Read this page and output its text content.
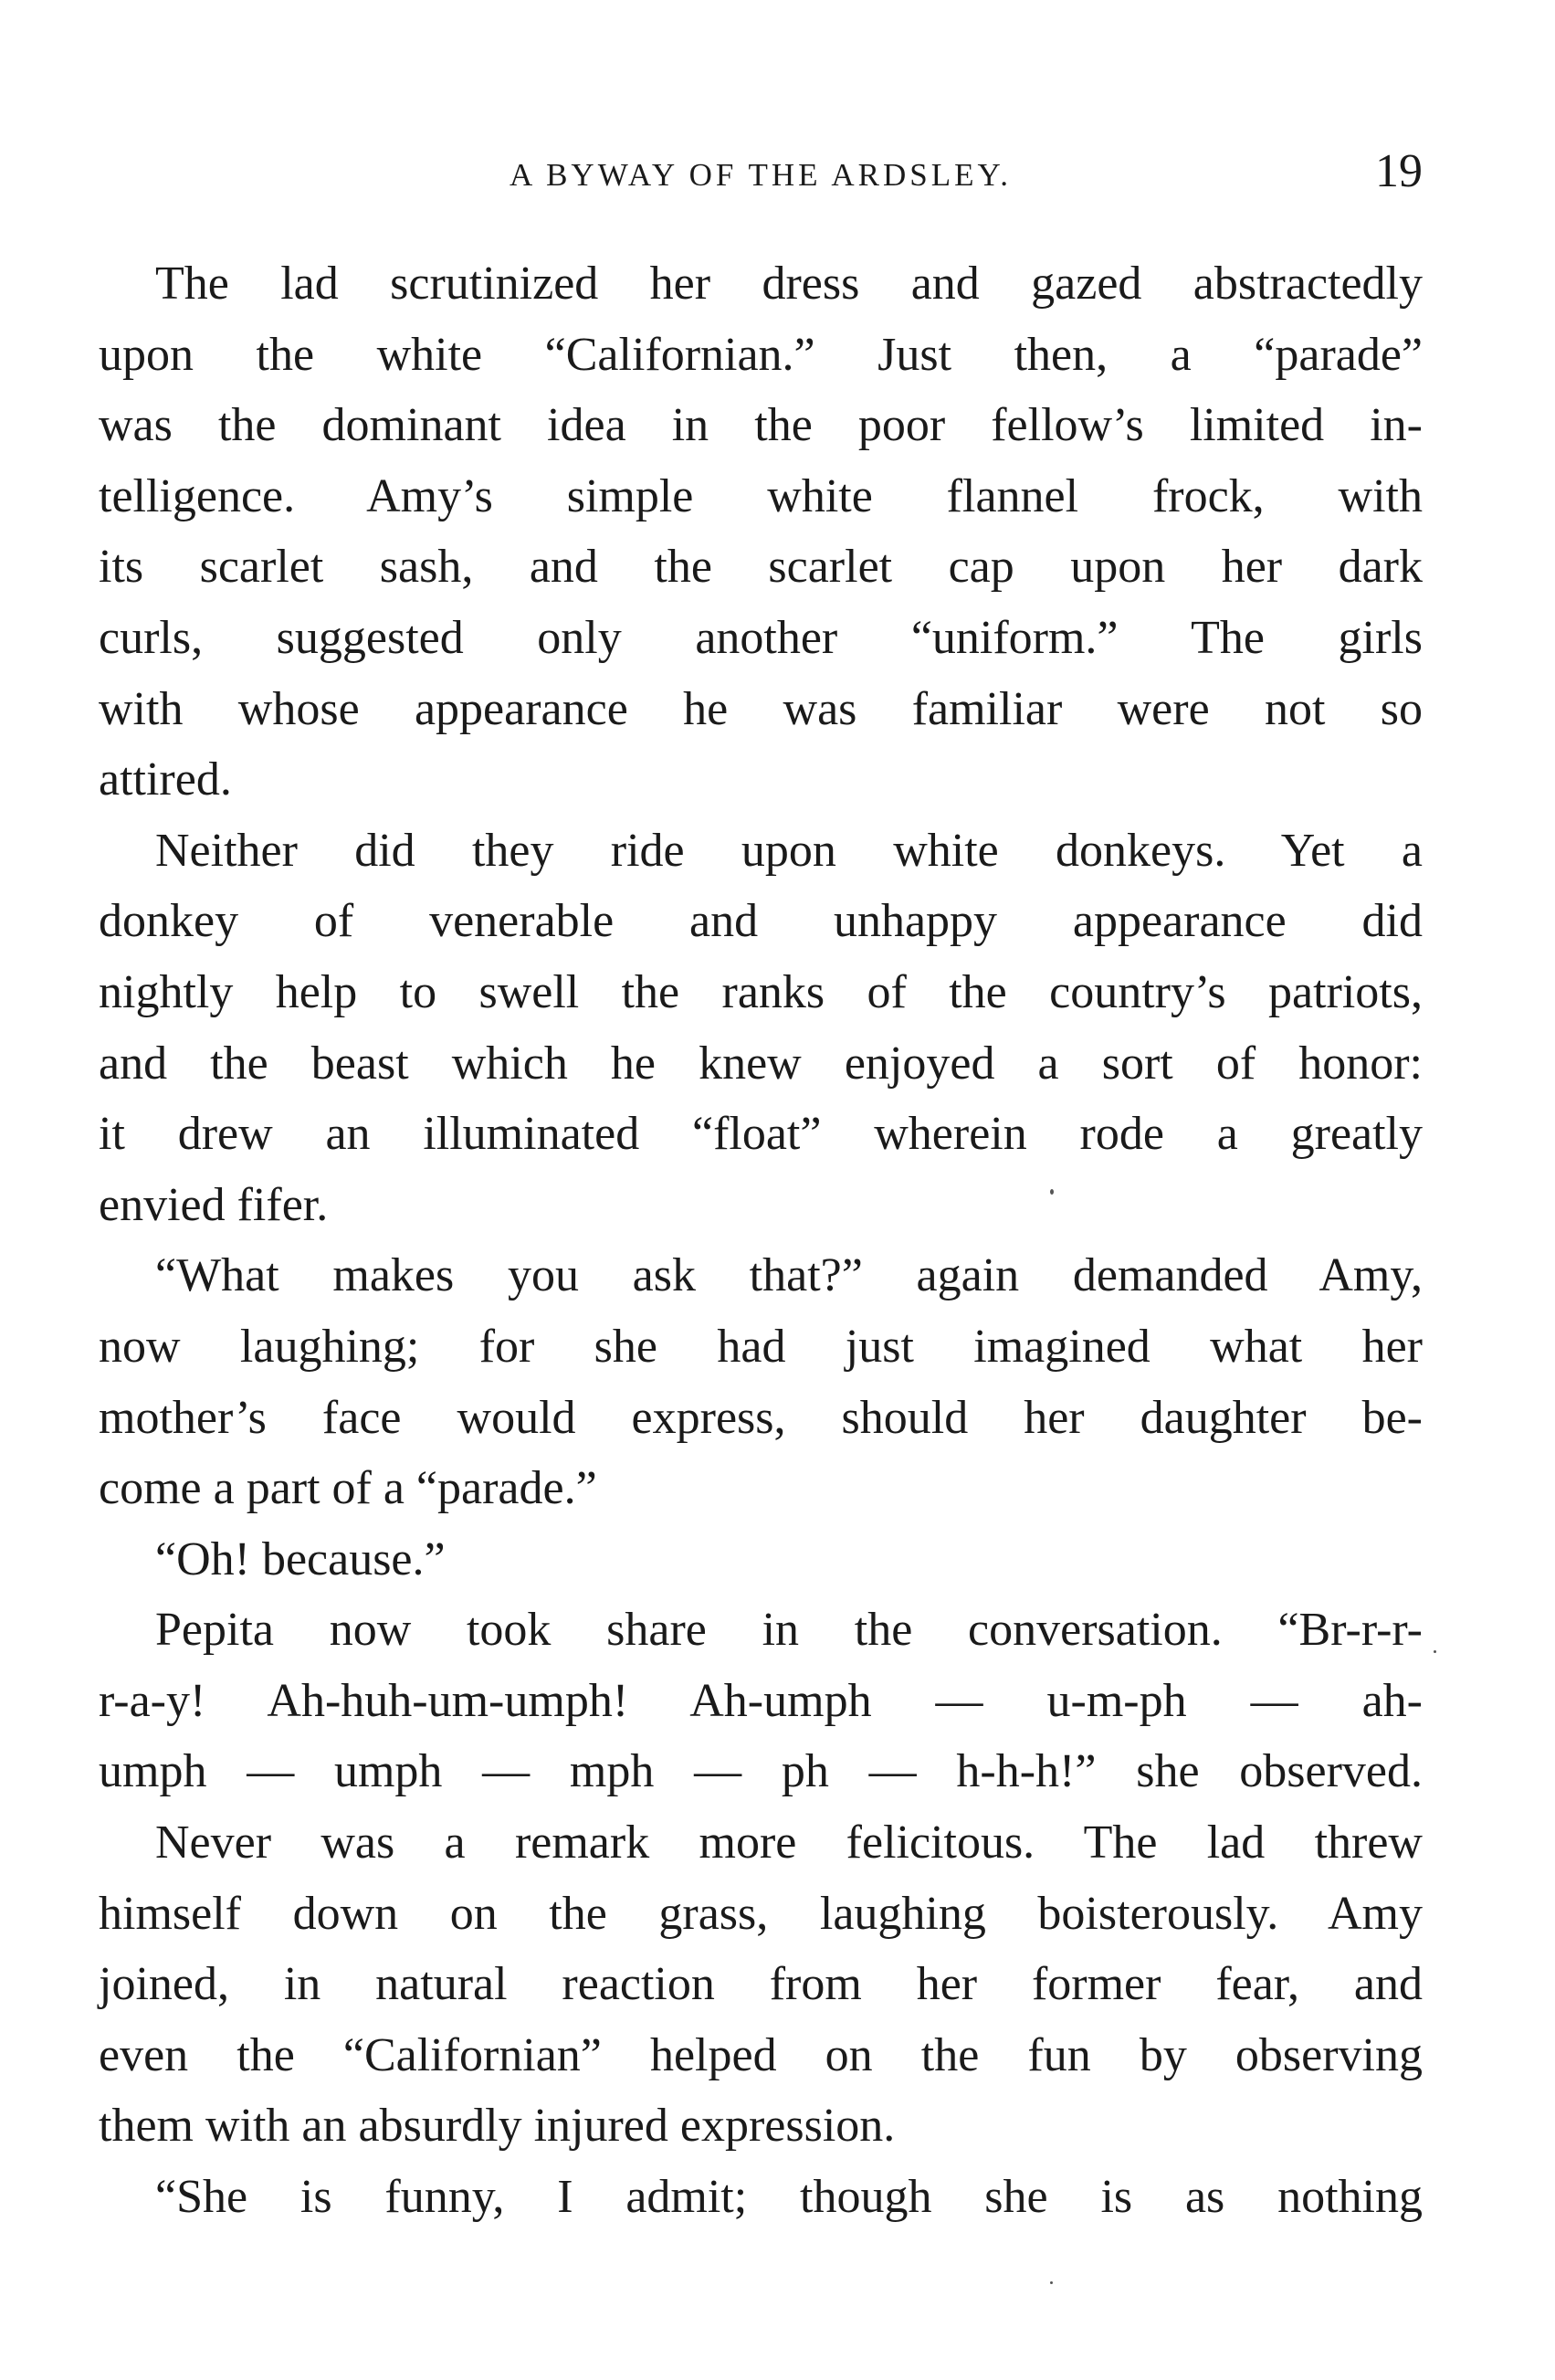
A BYWAY OF THE ARDSLEY.	19
The lad scrutinized her dress and gazed abstractedly
upon the white “Californian.” Just then, a “parade”
was the dominant idea in the poor fellow’s limited in-
telligence. Amy’s simple white flannel frock, with
its scarlet sash, and the scarlet cap upon her dark
curls, suggested only another “uniform.” The girls
with whose appearance he was familiar were not so
attired.
Neither did they ride upon white donkeys. Yet a
donkey of venerable and unhappy appearance did
nightly help to swell the ranks of the country’s patriots,
and the beast which he knew enjoyed a sort of honor:
it drew an illuminated “float” wherein rode a greatly
envied fifer.
“What makes you ask that?” again demanded Amy,
now laughing; for she had just imagined what her
mother’s face would express, should her daughter be-
come a part of a “parade.”
“Oh! because.”
Pepita now took share in the conversation. “Br-r-r-
r-a-y! Ah-huh-um-umph! Ah-umph — u-m-ph — ah-
umph — umph — mph — ph — h-h-h!” she observed.
Never was a remark more felicitous. The lad threw
himself down on the grass, laughing boisterously. Amy
joined, in natural reaction from her former fear, and
even the “Californian” helped on the fun by observing
them with an absurdly injured expression.
“She is funny, I admit; though she is as nothing
